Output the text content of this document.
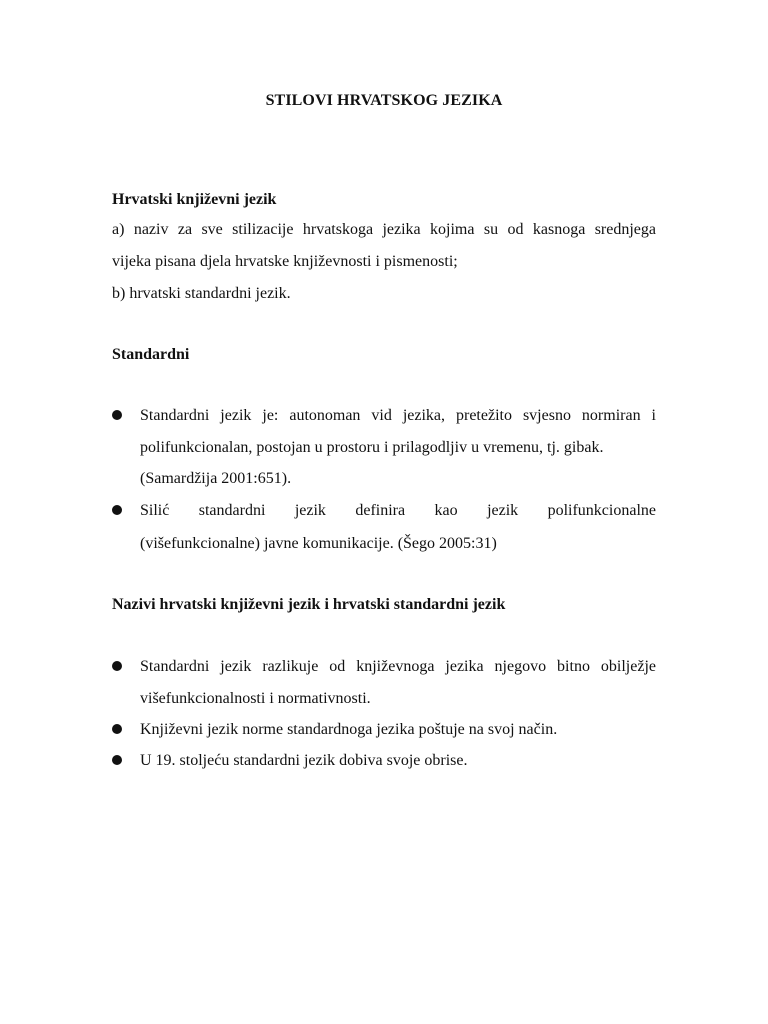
STILOVI HRVATSKOG JEZIKA
Hrvatski književni jezik
a) naziv za sve stilizacije hrvatskoga jezika kojima su od kasnoga srednjega
vijeka pisana djela hrvatske književnosti i pismenosti;
b) hrvatski standardni jezik.
Standardni
Standardni jezik je: autonoman vid jezika, pretežito svjesno normiran i
polifunkcionalan, postojan u prostoru i prilagodljiv u vremenu, tj. gibak.
(Samardžija 2001:651).
Silić standardni jezik definira kao jezik polifunkcionalne
(višefunkcionalne) javne komunikacije. (Šego 2005:31)
Nazivi hrvatski književni jezik i hrvatski standardni jezik
Standardni jezik razlikuje od književnoga jezika njegovo bitno obilježje
višefunkcionalnosti i normativnosti.
Književni jezik norme standardnoga jezika poštuje na svoj način.
U 19. stoljeću standardni jezik dobiva svoje obrise.
